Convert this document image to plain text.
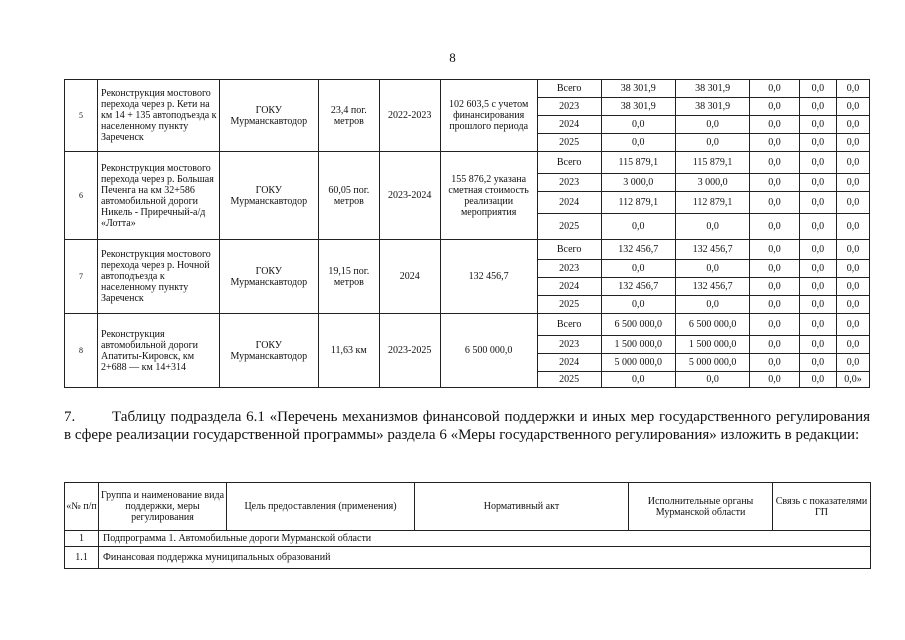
8
5	Реконструкция мостового перехода через р. Кети на км 14 + 135 автоподъезда к населенному пункту Зареченск	ГОКУ Мурманскавтодор	23,4 пог. метров	2022-2023	102 603,5 с учетом финансирования прошлого периода	Всего	38 301,9	38 301,9	0,0	0,0	0,0
						2023	38 301,9	38 301,9	0,0	0,0	0,0
						2024	0,0	0,0	0,0	0,0	0,0
						2025	0,0	0,0	0,0	0,0	0,0
6	Реконструкция мостового перехода через р. Большая Печенга на км 32+586 автомобильной дороги Никель - Приречный-а/д «Лотта»	ГОКУ Мурманскавтодор	60,05 пог. метров	2023-2024	155 876,2 указана сметная стоимость реализации мероприятия	Всего	115 879,1	115 879,1	0,0	0,0	0,0
						2023	3 000,0	3 000,0	0,0	0,0	0,0
						2024	112 879,1	112 879,1	0,0	0,0	0,0
						2025	0,0	0,0	0,0	0,0	0,0
7	Реконструкция мостового перехода через р. Ночной автоподъезда к населенному пункту Зареченск	ГОКУ Мурманскавтодор	19,15 пог. метров	2024	132 456,7	Всего	132 456,7	132 456,7	0,0	0,0	0,0
						2023	0,0	0,0	0,0	0,0	0,0
						2024	132 456,7	132 456,7	0,0	0,0	0,0
						2025	0,0	0,0	0,0	0,0	0,0
8	Реконструкция автомобильной дороги Апатиты-Кировск, км 2+688 — км 14+314	ГОКУ Мурманскавтодор	11,63 км	2023-2025	6 500 000,0	Всего	6 500 000,0	6 500 000,0	0,0	0,0	0,0
						2023	1 500 000,0	1 500 000,0	0,0	0,0	0,0
						2024	5 000 000,0	5 000 000,0	0,0	0,0	0,0
						2025	0,0	0,0	0,0	0,0	0,0»
7. Таблицу подраздела 6.1 «Перечень механизмов финансовой поддержки и иных мер государственного регулирования в сфере реализации государственной программы» раздела 6 «Меры государственного регулирования» изложить в редакции:
«№ п/п	Группа и наименование вида поддержки, меры регулирования	Цель предоставления (применения)	Нормативный акт	Исполнительные органы Мурманской области	Связь с показателями ГП
1	Подпрограмма 1. Автомобильные дороги Мурманской области				
1.1	Финансовая поддержка муниципальных образований				
